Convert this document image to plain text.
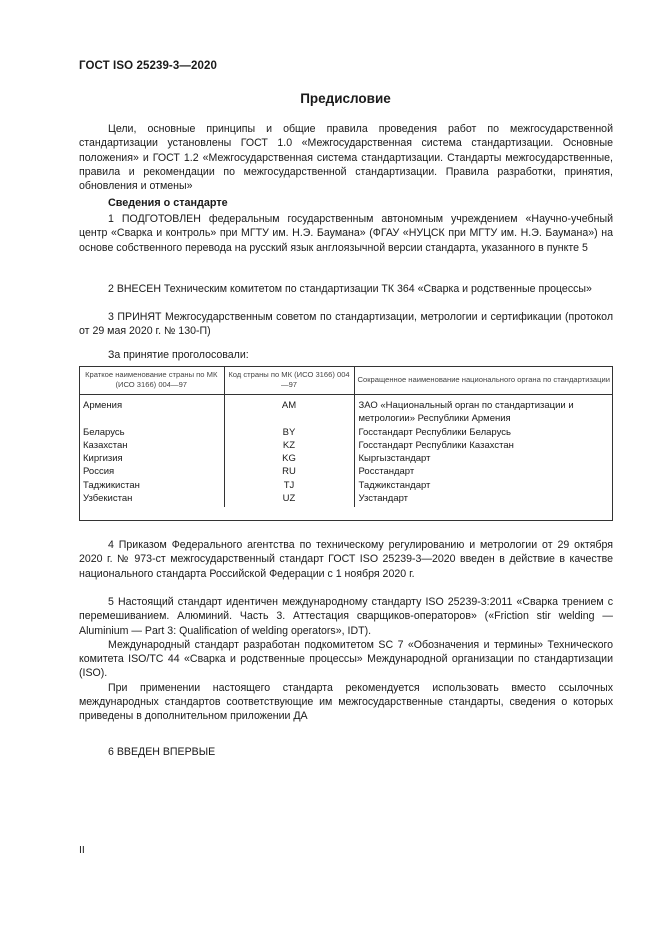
ГОСТ ISO 25239-3—2020
Предисловие

Цели, основные принципы и общие правила проведения работ по межгосударственной стандартизации установлены ГОСТ 1.0 «Межгосударственная система стандартизации. Основные положения» и ГОСТ 1.2 «Межгосударственная система стандартизации. Стандарты межгосударственные, правила и рекомендации по межгосударственной стандартизации. Правила разработки, принятия, обновления и отмены»

Сведения о стандарте

1 ПОДГОТОВЛЕН федеральным государственным автономным учреждением «Научно-учебный центр «Сварка и контроль» при МГТУ им. Н.Э. Баумана» (ФГАУ «НУЦСК при МГТУ им. Н.Э. Баумана») на основе собственного перевода на русский язык англоязычной версии стандарта, указанного в пункте 5

2 ВНЕСЕН Техническим комитетом по стандартизации ТК 364 «Сварка и родственные процессы»

3 ПРИНЯТ Межгосударственным советом по стандартизации, метрологии и сертификации (протокол от 29 мая 2020 г. № 130-П)

За принятие проголосовали:
Краткое наименование страны по МК (ИСО 3166) 004—97	Код страны по МК (ИСО 3166) 004—97	Сокращенное наименование национального органа по стандартизации
Армения	AM	ЗАО «Национальный орган по стандартизации и метрологии» Республики Армения
Беларусь	BY	Госстандарт Республики Беларусь
Казахстан	KZ	Госстандарт Республики Казахстан
Киргизия	KG	Кыргызстандарт
Россия	RU	Росстандарт
Таджикистан	TJ	Таджикстандарт
Узбекистан	UZ	Узстандарт

4 Приказом Федерального агентства по техническому регулированию и метрологии от 29 октября 2020 г. № 973-ст межгосударственный стандарт ГОСТ ISO 25239-3—2020 введен в действие в качестве национального стандарта Российской Федерации с 1 ноября 2020 г.

5 Настоящий стандарт идентичен международному стандарту ISO 25239-3:2011 «Сварка трением с перемешиванием. Алюминий. Часть 3. Аттестация сварщиков-операторов» («Friction stir welding — Aluminium — Part 3: Qualification of welding operators», IDT).

Международный стандарт разработан подкомитетом SC 7 «Обозначения и термины» Технического комитета ISO/TC 44 «Сварка и родственные процессы» Международной организации по стандартизации (ISO).

При применении настоящего стандарта рекомендуется использовать вместо ссылочных международных стандартов соответствующие им межгосударственные стандарты, сведения о которых приведены в дополнительном приложении ДА

6 ВВЕДЕН ВПЕРВЫЕ
II
